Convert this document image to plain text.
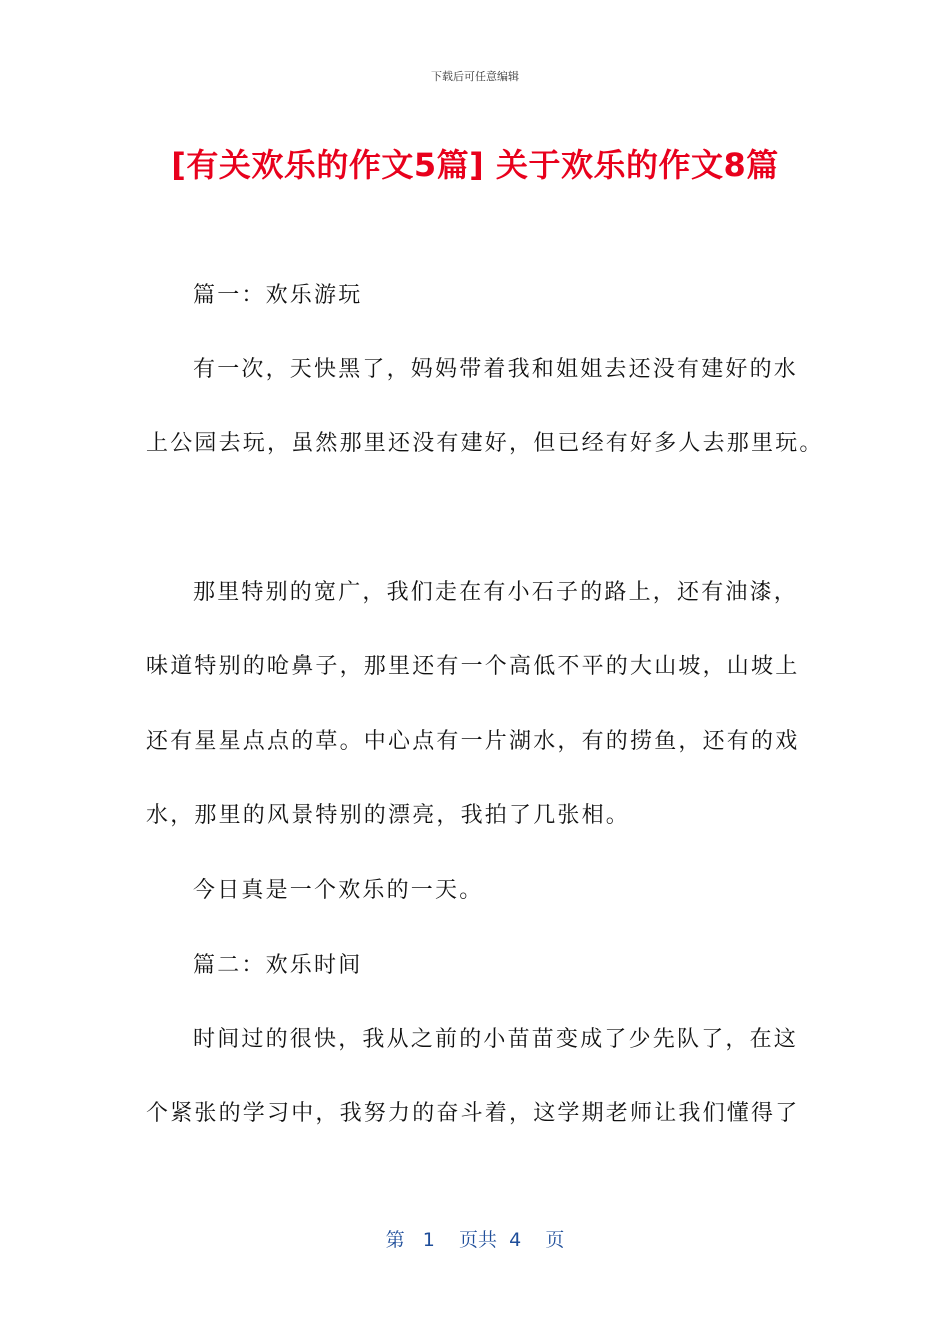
下载后可任意编辑
[有关欢乐的作文5篇] 关于欢乐的作文8篇
篇一：欢乐游玩
有一次，天快黑了，妈妈带着我和姐姐去还没有建好的水
上公园去玩，虽然那里还没有建好，但已经有好多人去那里玩。
那里特别的宽广，我们走在有小石子的路上，还有油漆，
味道特别的呛鼻子，那里还有一个高低不平的大山坡，山坡上
还有星星点点的草。中心点有一片湖水，有的捞鱼，还有的戏
水，那里的风景特别的漂亮，我拍了几张相。
今日真是一个欢乐的一天。
篇二：欢乐时间
时间过的很快，我从之前的小苗苗变成了少先队了，在这
个紧张的学习中，我努力的奋斗着，这学期老师让我们懂得了
第 1 页共 4 页
